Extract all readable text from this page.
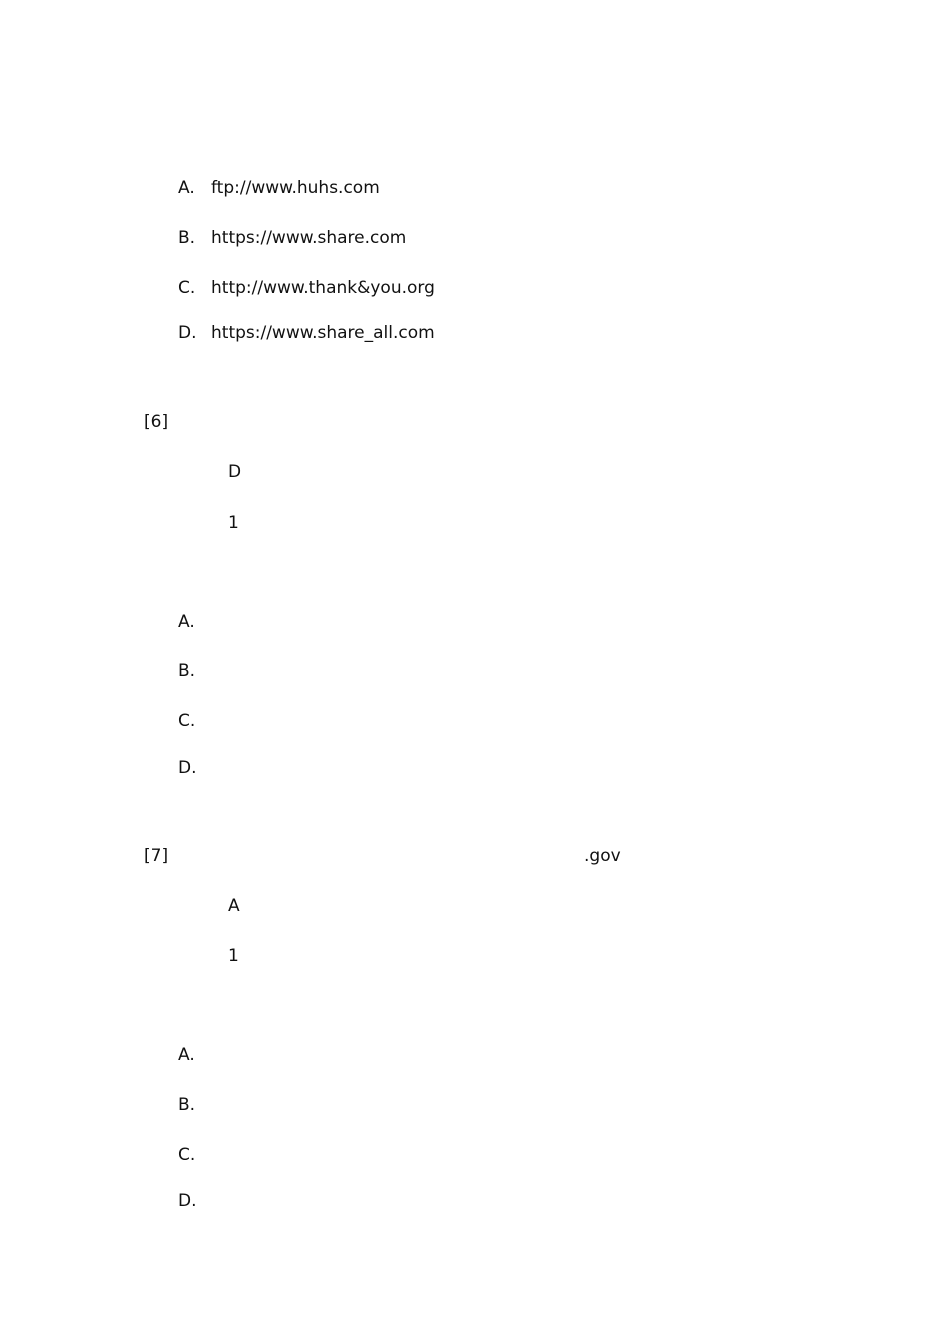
A. ftp://www.huhs.com
B. https://www.share.com
C. http://www.thank&you.org
D. https://www.share_all.com
[6]
D
1
A.
B.
C.
D.
[7]	.gov
A
1
A.
B.
C.
D.
